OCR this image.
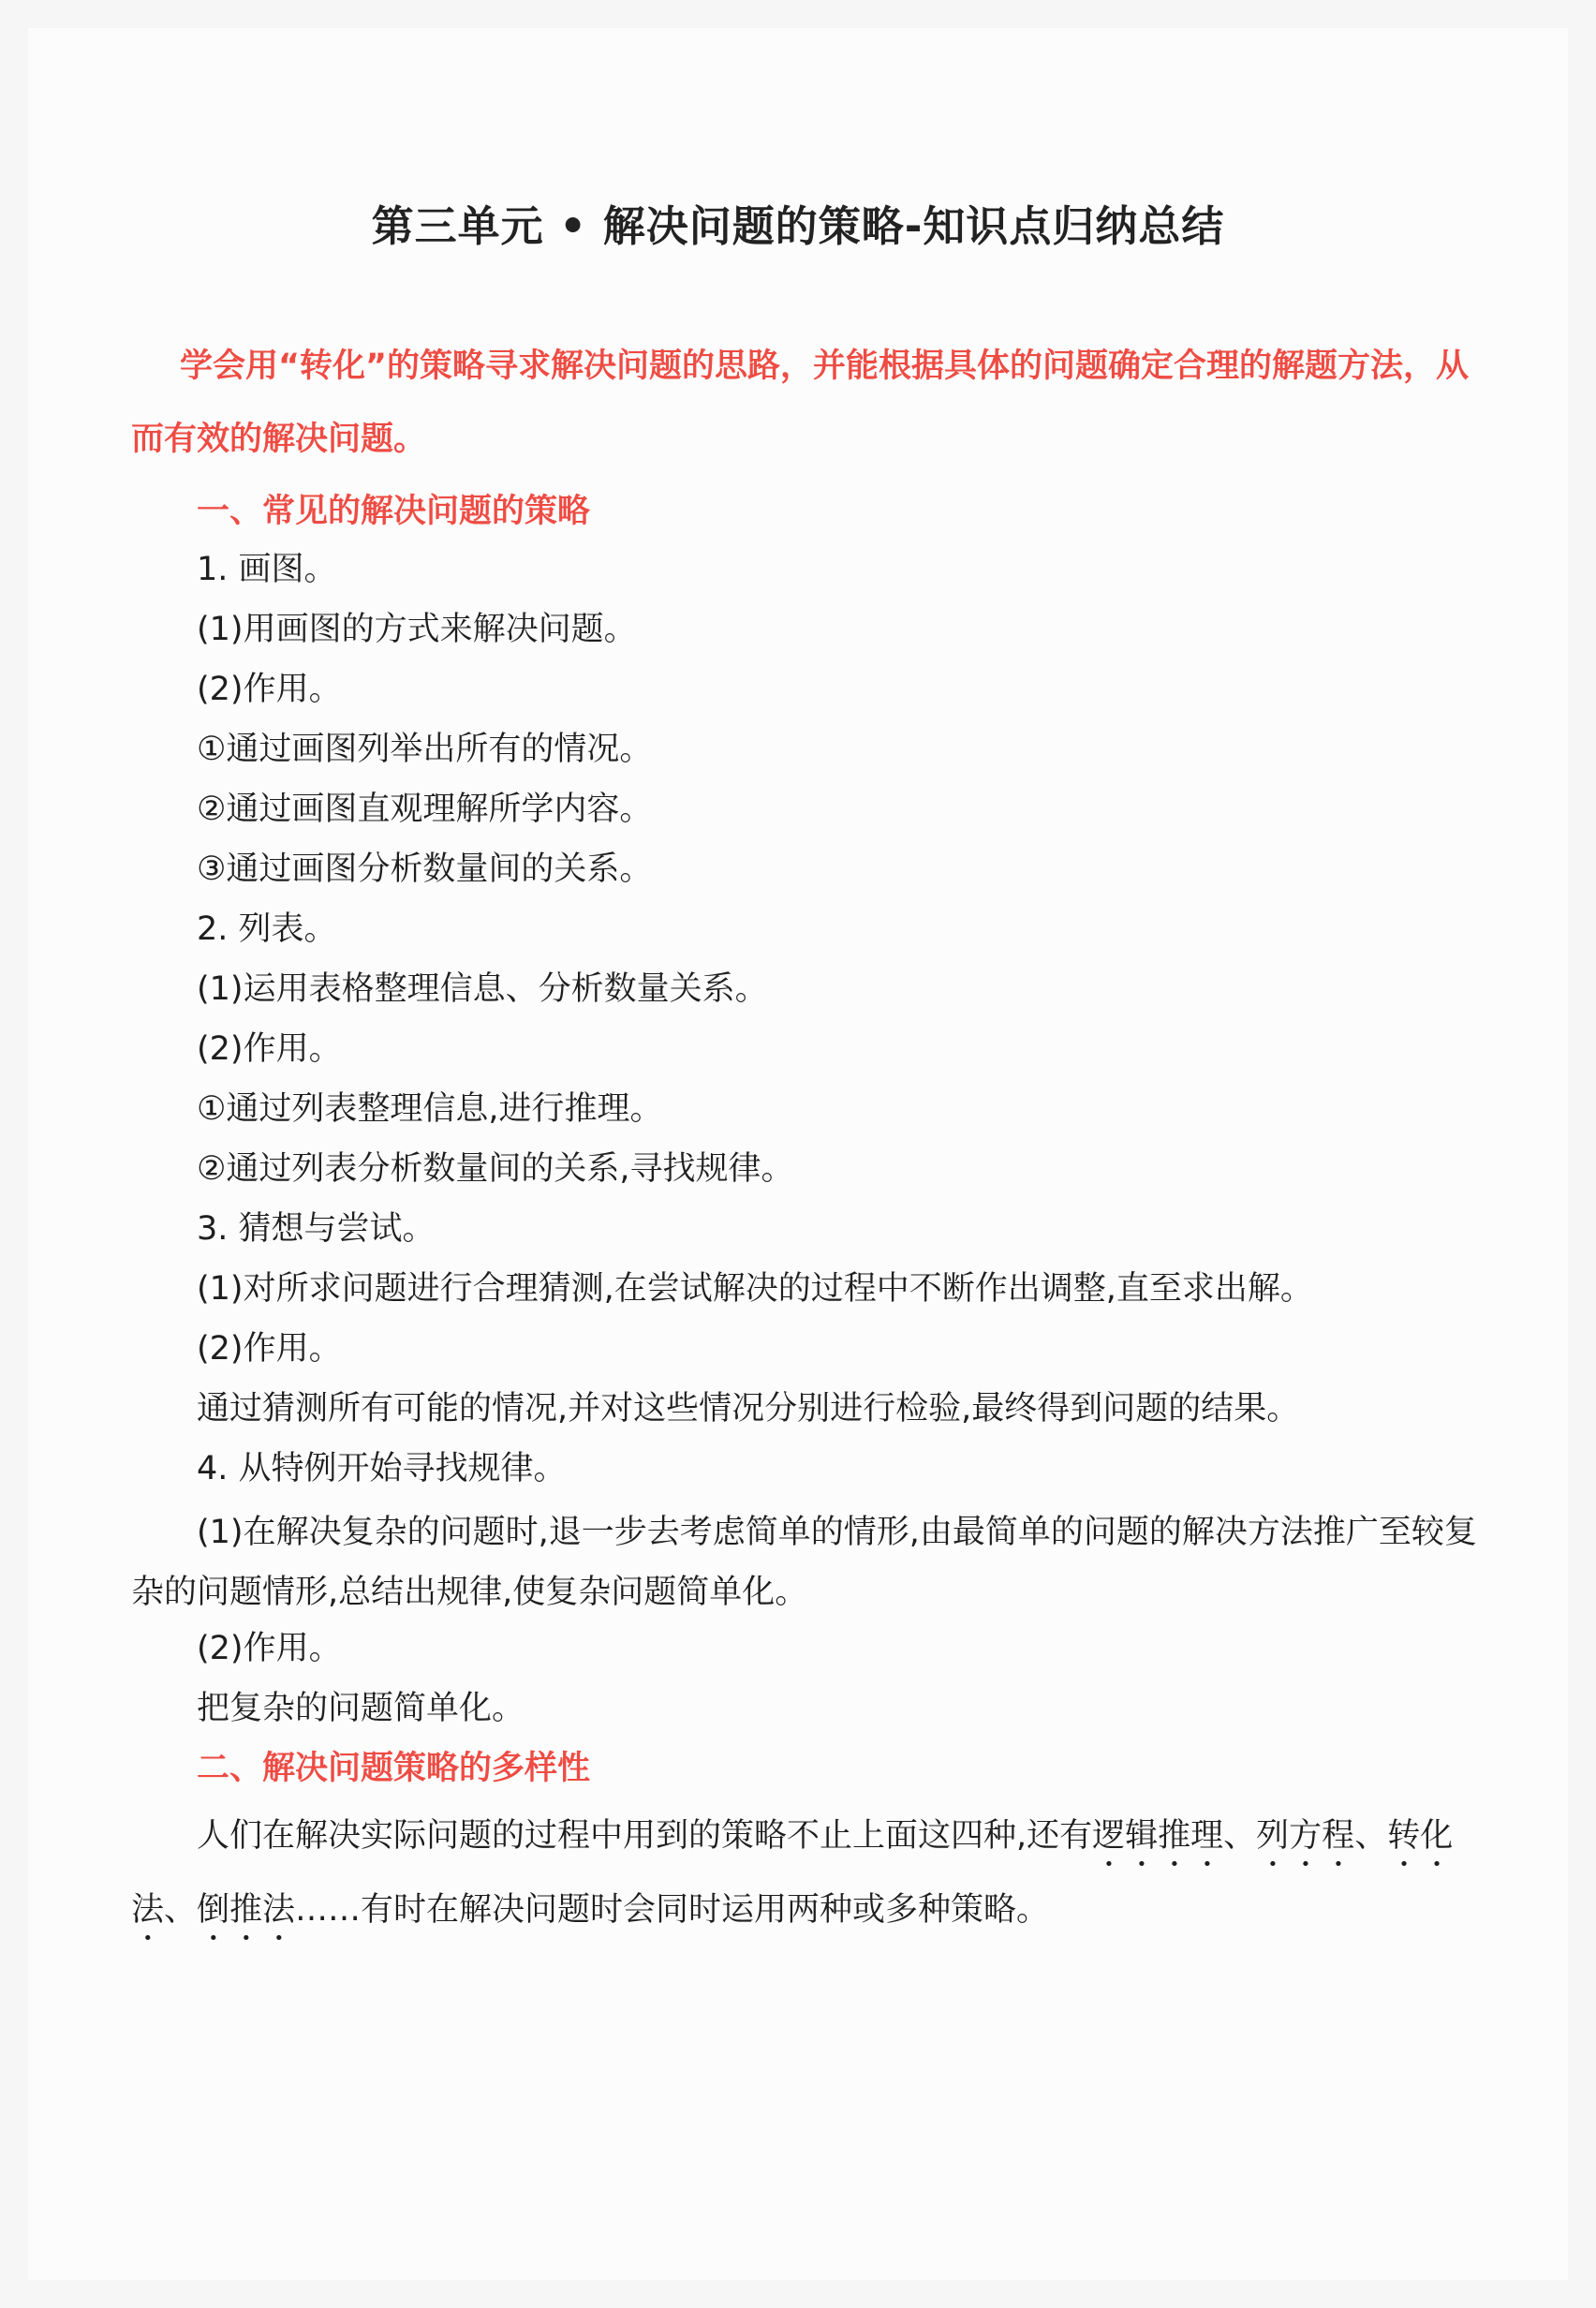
第三单元 • 解决问题的策略-知识点归纳总结
学会用“转化”的策略寻求解决问题的思路，并能根据具体的问题确定合理的解题方法，从而有效的解决问题。
一、常见的解决问题的策略
1. 画图。
(1)用画图的方式来解决问题。
(2)作用。
①通过画图列举出所有的情况。
②通过画图直观理解所学内容。
③通过画图分析数量间的关系。
2. 列表。
(1)运用表格整理信息、分析数量关系。
(2)作用。
①通过列表整理信息,进行推理。
②通过列表分析数量间的关系,寻找规律。
3. 猜想与尝试。
(1)对所求问题进行合理猜测,在尝试解决的过程中不断作出调整,直至求出解。
(2)作用。
通过猜测所有可能的情况,并对这些情况分别进行检验,最终得到问题的结果。
4. 从特例开始寻找规律。
(1)在解决复杂的问题时,退一步去考虑简单的情形,由最简单的问题的解决方法推广至较复杂的问题情形,总结出规律,使复杂问题简单化。
(2)作用。
把复杂的问题简单化。
二、解决问题策略的多样性
人们在解决实际问题的过程中用到的策略不止上面这四种,还有逻辑推理、列方程、转化法、倒推法……有时在解决问题时会同时运用两种或多种策略。
